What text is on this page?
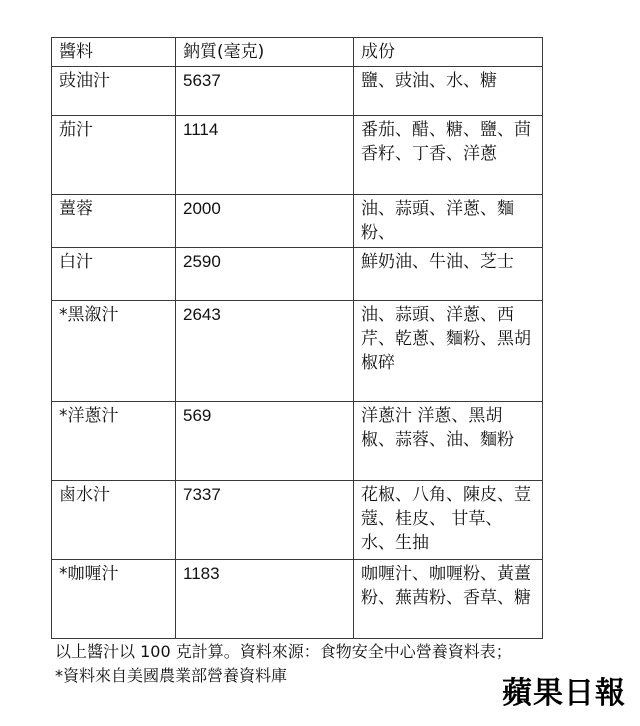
醬料	鈉質(毫克)	成份
豉油汁	5637	鹽、豉油、水、糖
茄汁	1114	番茄、醋、糖、鹽、茴香籽、丁香、洋蔥
薑蓉	2000	油、蒜頭、洋蔥、麵粉、
白汁	2590	鮮奶油、牛油、芝士
*黑溆汁	2643	油、蒜頭、洋蔥、西芹、乾蔥、麵粉、黑胡椒碎
*洋蔥汁	569	洋蔥汁 洋蔥、黑胡椒、蒜蓉、油、麵粉
鹵水汁	7337	花椒、八角、陳皮、荳蔻、桂皮、 甘草、水、生抽
*咖喱汁	1183	咖喱汁、咖喱粉、黃薑粉、蕪茜粉、香草、糖
以上醬汁以 100 克計算。資料來源：食物安全中心營養資料表；
*資料來自美國農業部營養資料庫
蘋果日報
